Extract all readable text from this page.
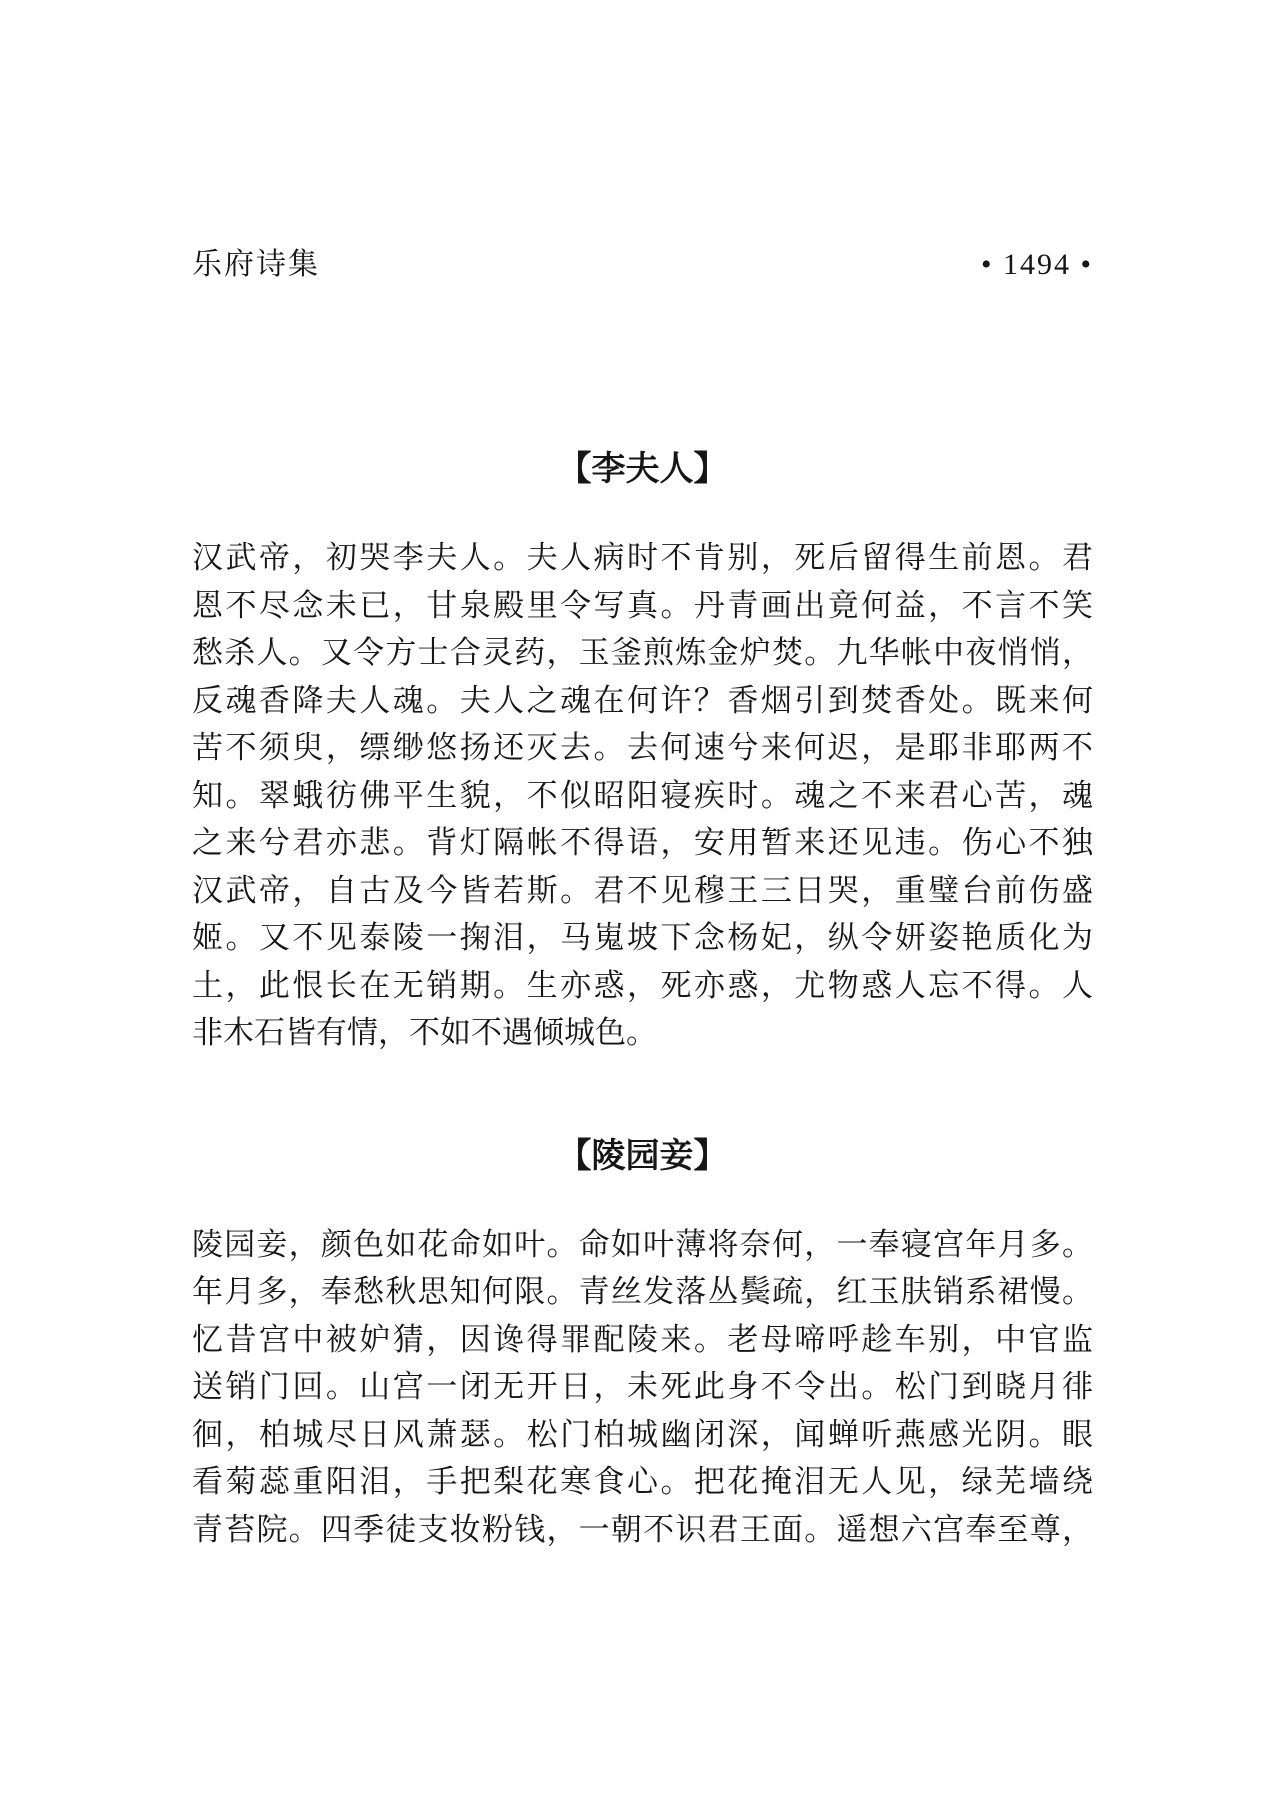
乐府诗集	• 1494 •
【李夫人】
汉武帝，初哭李夫人。夫人病时不肯别，死后留得生前恩。君
恩不尽念未已，甘泉殿里令写真。丹青画出竟何益，不言不笑
愁杀人。又令方士合灵药，玉釜煎炼金炉焚。九华帐中夜悄悄，
反魂香降夫人魂。夫人之魂在何许？香烟引到焚香处。既来何
苦不须臾，缥缈悠扬还灭去。去何速兮来何迟，是耶非耶两不
知。翠蛾彷佛平生貌，不似昭阳寝疾时。魂之不来君心苦，魂
之来兮君亦悲。背灯隔帐不得语，安用暂来还见违。伤心不独
汉武帝，自古及今皆若斯。君不见穆王三日哭，重璧台前伤盛
姬。又不见泰陵一掬泪，马嵬坡下念杨妃，纵令妍姿艳质化为
土，此恨长在无销期。生亦惑，死亦惑，尤物惑人忘不得。人
非木石皆有情，不如不遇倾城色。
【陵园妾】
陵园妾，颜色如花命如叶。命如叶薄将奈何，一奉寝宫年月多。
年月多，奉愁秋思知何限。青丝发落丛鬓疏，红玉肤销系裙慢。
忆昔宫中被妒猜，因谗得罪配陵来。老母啼呼趁车别，中官监
送销门回。山宫一闭无开日，未死此身不令出。松门到晓月徘
徊，柏城尽日风萧瑟。松门柏城幽闭深，闻蝉听燕感光阴。眼
看菊蕊重阳泪，手把梨花寒食心。把花掩泪无人见，绿芜墙绕
青苔院。四季徒支妆粉钱，一朝不识君王面。遥想六宫奉至尊，
